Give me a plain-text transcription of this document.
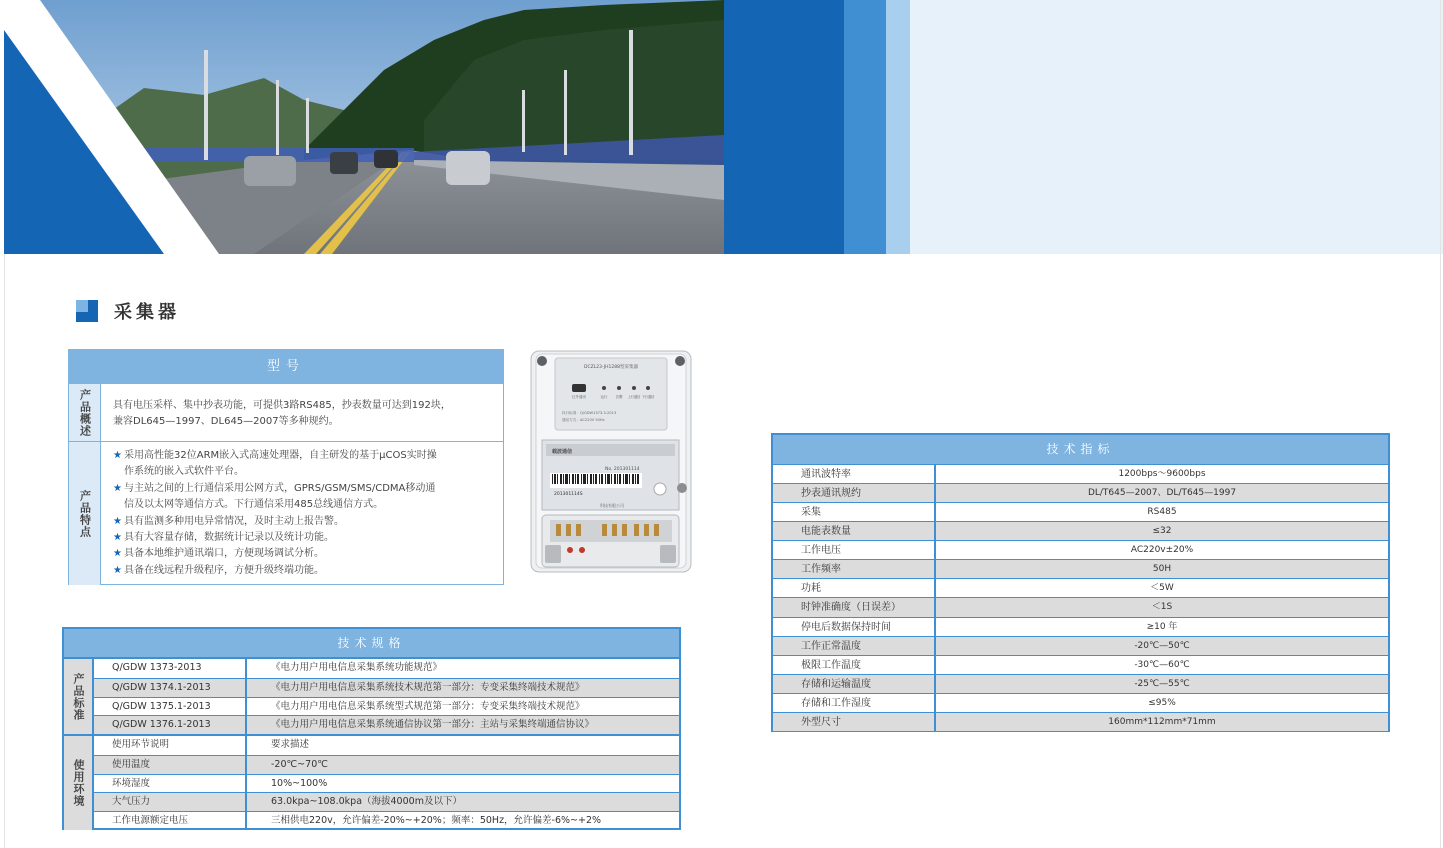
采集器
型号
产品概述 具有电压采样、集中抄表功能，可提供3路RS485，抄表数量可达到192块，
兼容DL645—1997、DL645—2007等多种规约。
产品特点
★ 采用高性能32位ARM嵌入式高速处理器，自主研发的基于μCOS实时操
作系统的嵌入式软件平台。
★ 与主站之间的上行通信采用公网方式，GPRS/GSM/SMS/CDMA移动通
信及以太网等通信方式。下行通信采用485总线通信方式。
★ 具有监测多种用电异常情况，及时主动上报告警。
★ 具有大容量存储，数据统计记录以及统计功能。
★ 具备本地维护通讯端口，方便现场调试分析。
★ 具备在线远程升级程序，方便升级终端功能。
DCZL23-JH1288型采集器
红外通讯	运行 告警 上行通信 下行通信
执行标准：Q/GDW1373.3-2013
通信方式：AC220V 50Hz
载波通信
No. 201301114
201301114S
科技有限公司
技术规格
产品标准
Q/GDW 1373-2013	《电力用户用电信息采集系统功能规范》
Q/GDW 1374.1-2013	《电力用户用电信息采集系统技术规范第一部分：专变采集终端技术规范》
Q/GDW 1375.1-2013	《电力用户用电信息采集系统型式规范第一部分：专变采集终端技术规范》
Q/GDW 1376.1-2013	《电力用户用电信息采集系统通信协议第一部分：主站与采集终端通信协议》
使用环境
使用环节说明	要求描述
使用温度	-20℃~70℃
环境湿度	10%~100%
大气压力	63.0kpa~108.0kpa（海拔4000m及以下）
工作电源额定电压	三相供电220v，允许偏差-20%~+20%；频率：50Hz，允许偏差-6%~+2%
技术指标
通讯波特率	1200bps～9600bps
抄表通讯规约	DL/T645—2007、DL/T645—1997
采集	RS485
电能表数量	≤32
工作电压	AC220v±20%
工作频率	50H
功耗	＜5W
时钟准确度（日误差）	＜1S
停电后数据保持时间	≥10 年
工作正常温度	-20℃—50℃
极限工作温度	-30℃—60℃
存储和运输温度	-25℃—55℃
存储和工作湿度	≤95%
外型尺寸	160mm*112mm*71mm
